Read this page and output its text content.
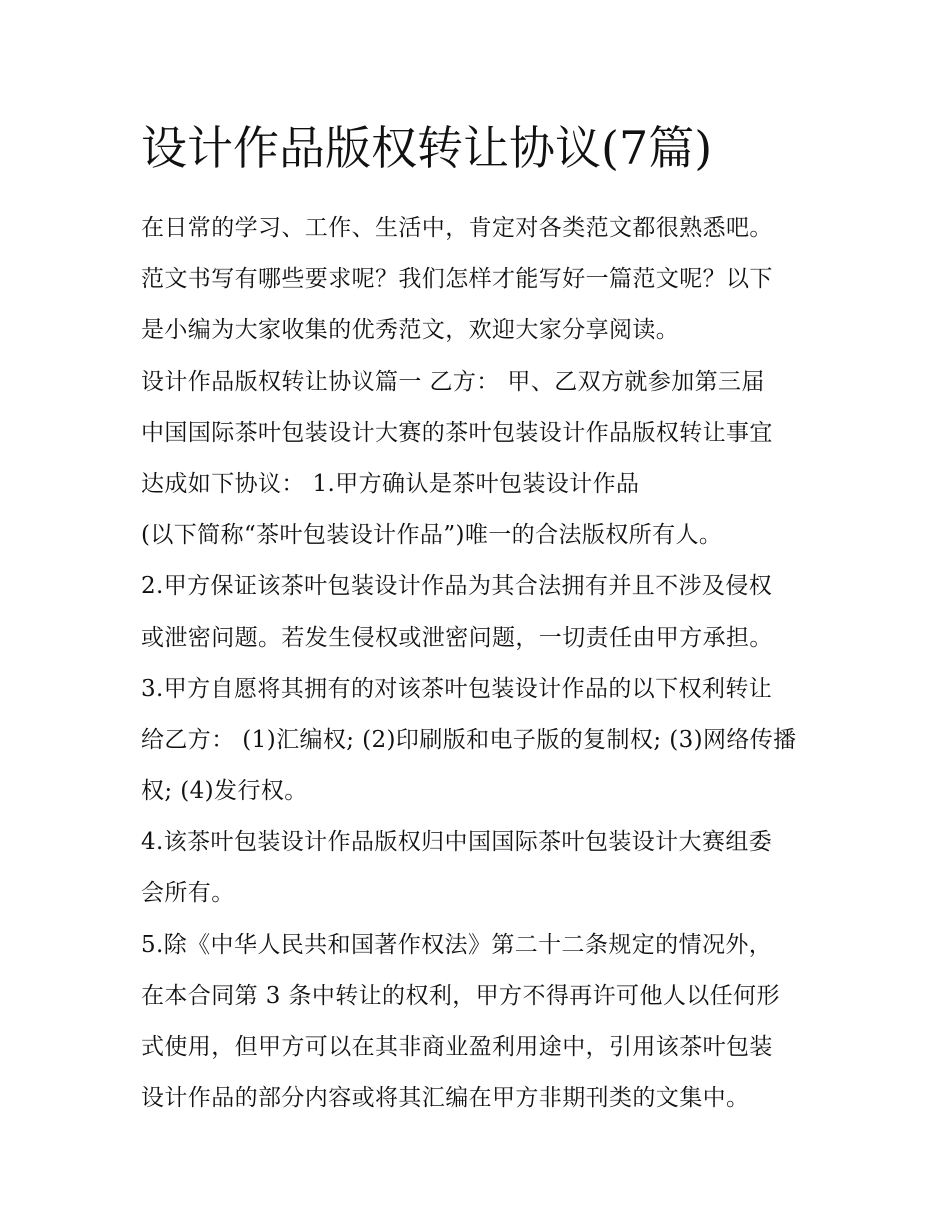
设计作品版权转让协议(7篇)
在日常的学习、工作、生活中，肯定对各类范文都很熟悉吧。
范文书写有哪些要求呢？我们怎样才能写好一篇范文呢？以下
是小编为大家收集的优秀范文，欢迎大家分享阅读。
设计作品版权转让协议篇一 乙方： 甲、乙双方就参加第三届
中国国际茶叶包装设计大赛的茶叶包装设计作品版权转让事宜
达成如下协议： 1.甲方确认是茶叶包装设计作品
(以下简称“茶叶包装设计作品”)唯一的合法版权所有人。
2.甲方保证该茶叶包装设计作品为其合法拥有并且不涉及侵权
或泄密问题。若发生侵权或泄密问题，一切责任由甲方承担。
3.甲方自愿将其拥有的对该茶叶包装设计作品的以下权利转让
给乙方： (1)汇编权; (2)印刷版和电子版的复制权; (3)网络传播
权; (4)发行权。
4.该茶叶包装设计作品版权归中国国际茶叶包装设计大赛组委
会所有。
5.除《中华人民共和国著作权法》第二十二条规定的情况外，
在本合同第 3 条中转让的权利，甲方不得再许可他人以任何形
式使用，但甲方可以在其非商业盈利用途中，引用该茶叶包装
设计作品的部分内容或将其汇编在甲方非期刊类的文集中。
